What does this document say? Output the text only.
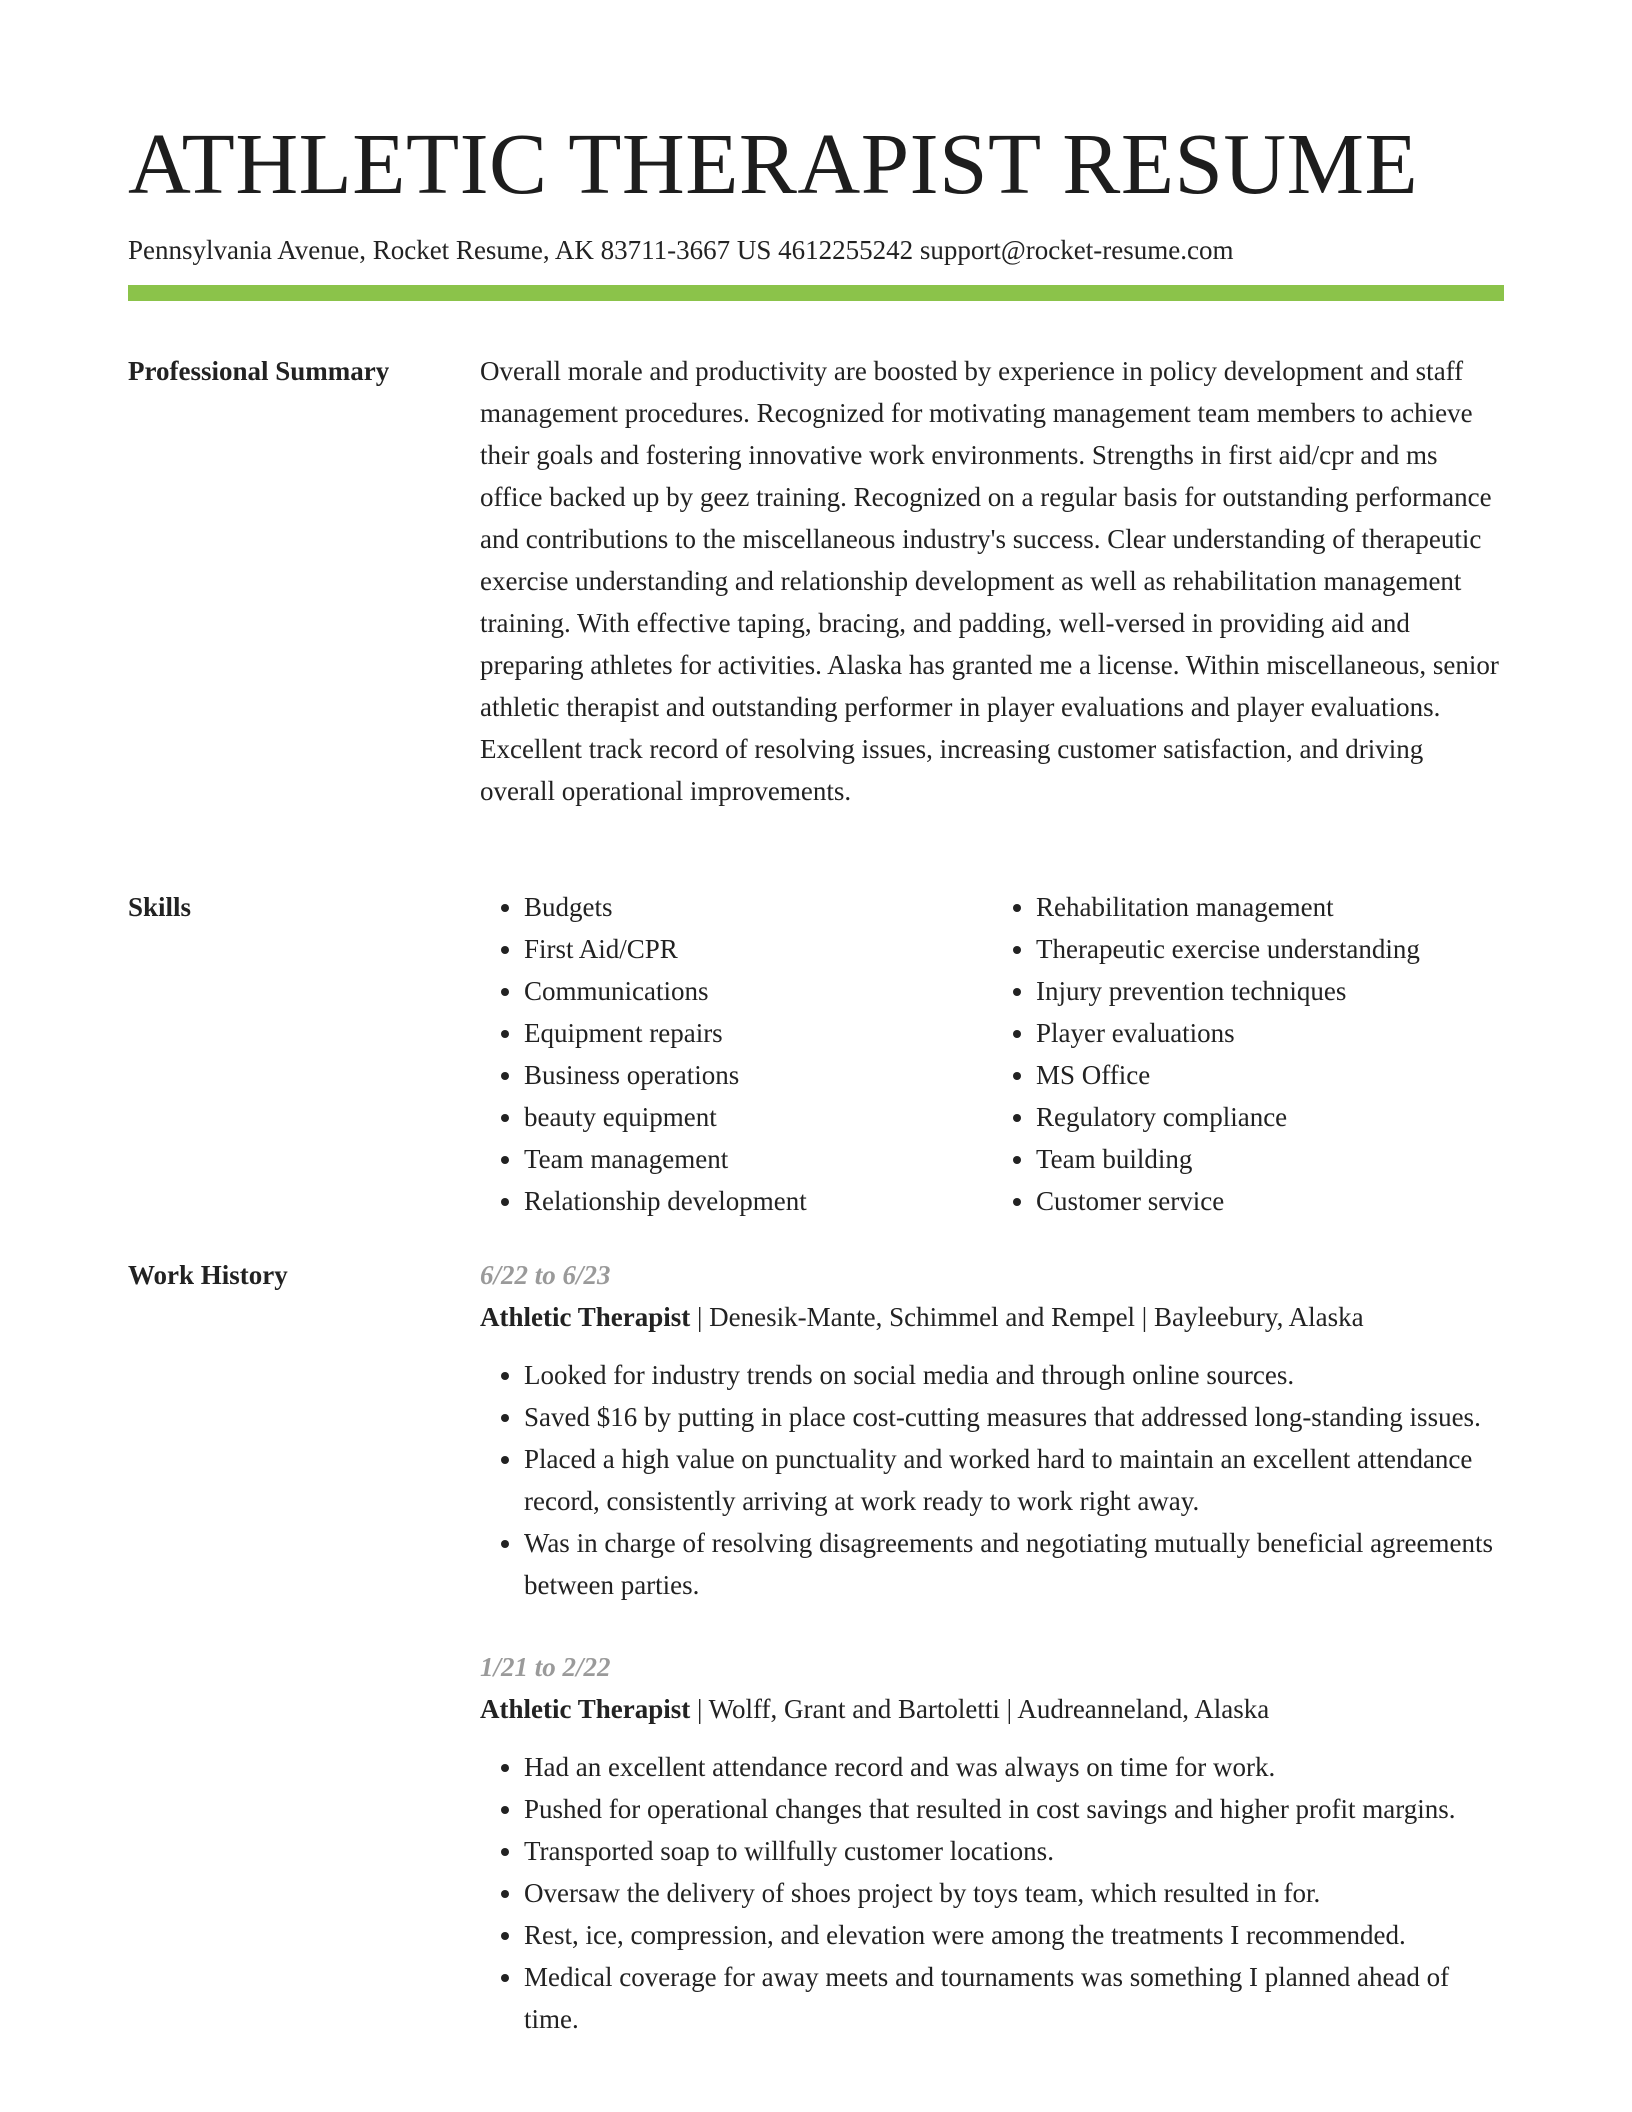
ATHLETIC THERAPIST RESUME
Pennsylvania Avenue, Rocket Resume, AK 83711-3667 US 4612255242 support@rocket-resume.com
Professional Summary	Overall morale and productivity are boosted by experience in policy development and staff management procedures. Recognized for motivating management team members to achieve their goals and fostering innovative work environments. Strengths in first aid/cpr and ms office backed up by geez training. Recognized on a regular basis for outstanding performance and contributions to the miscellaneous industry's success. Clear understanding of therapeutic exercise understanding and relationship development as well as rehabilitation management training. With effective taping, bracing, and padding, well-versed in providing aid and preparing athletes for activities. Alaska has granted me a license. Within miscellaneous, senior athletic therapist and outstanding performer in player evaluations and player evaluations. Excellent track record of resolving issues, increasing customer satisfaction, and driving overall operational improvements.

Skills
•	Budgets
• First Aid/CPR
• Communications
• Equipment repairs
• Business operations
• beauty equipment
• Team management
• Relationship development
• Rehabilitation management
• Therapeutic exercise understanding
• Injury prevention techniques
• Player evaluations
• MS Office
• Regulatory compliance
• Team building
• Customer service
Work History	6/22 to 6/23
Athletic Therapist | Denesik-Mante, Schimmel and Rempel | Bayleebury, Alaska
• Looked for industry trends on social media and through online sources.
• Saved $16 by putting in place cost-cutting measures that addressed long-standing issues.
• Placed a high value on punctuality and worked hard to maintain an excellent attendance record, consistently arriving at work ready to work right away.
• Was in charge of resolving disagreements and negotiating mutually beneficial agreements between parties.
1/21 to 2/22
Athletic Therapist | Wolff, Grant and Bartoletti | Audreanneland, Alaska
• Had an excellent attendance record and was always on time for work.
• Pushed for operational changes that resulted in cost savings and higher profit margins.
• Transported soap to willfully customer locations.
• Oversaw the delivery of shoes project by toys team, which resulted in for.
• Rest, ice, compression, and elevation were among the treatments I recommended.
• Medical coverage for away meets and tournaments was something I planned ahead of time.
